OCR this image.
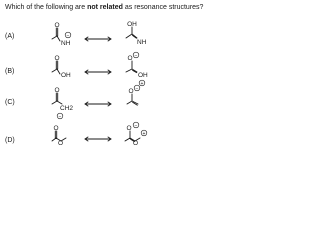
Which of the following are not related as resonance structures?

(A)
(B)
(C)
(D)
O
NH
−
OH
NH
O
OH
O −
OH
+
O
CH2
−
O −
O
O
O −
O
+
